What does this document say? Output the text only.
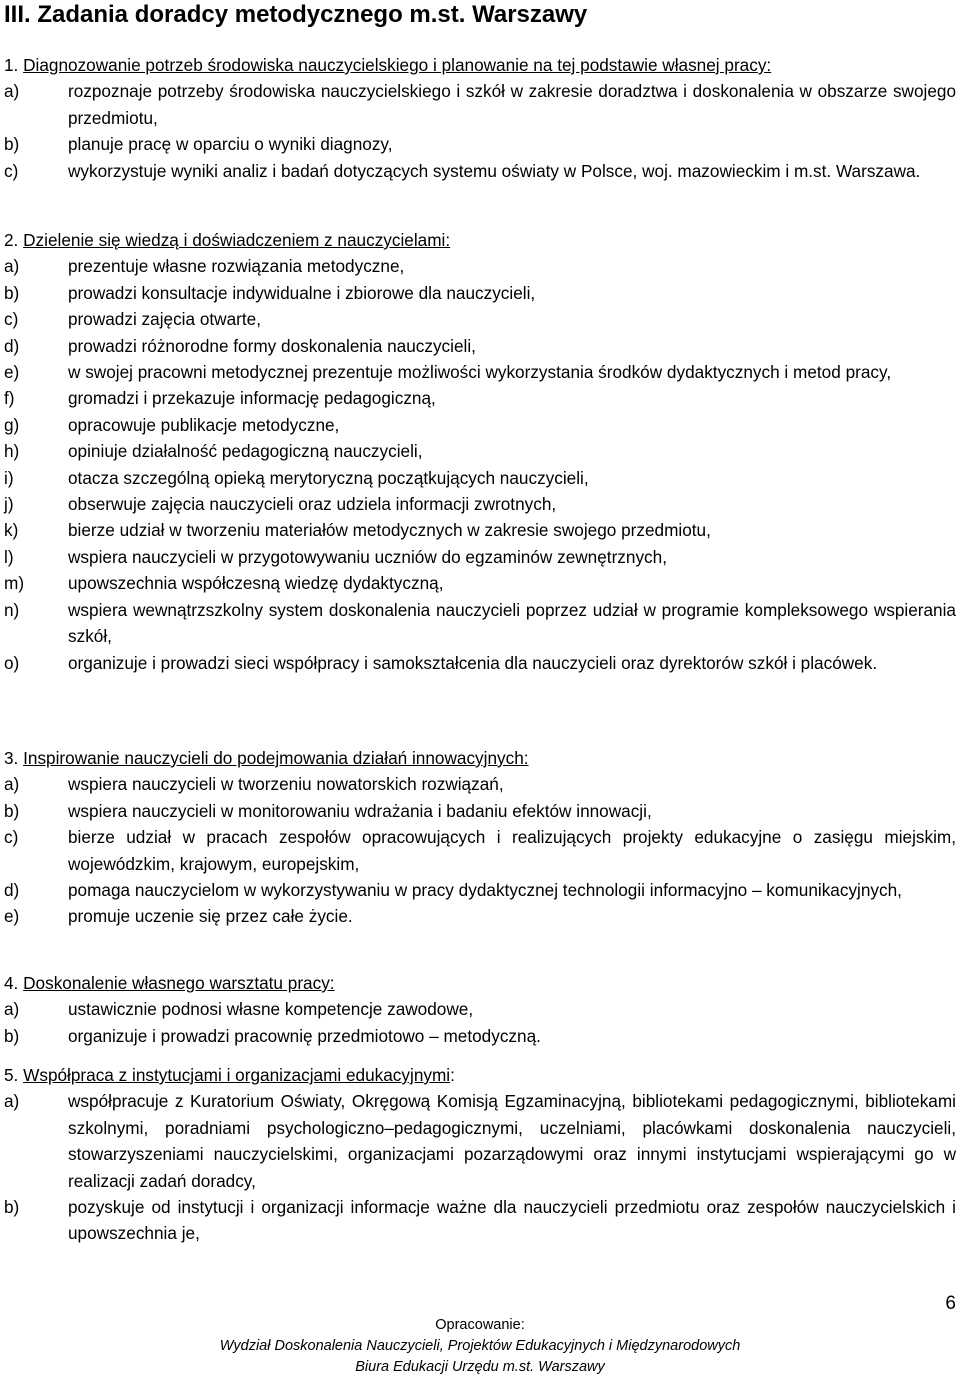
III. Zadania doradcy metodycznego m.st. Warszawy
1. Diagnozowanie potrzeb środowiska nauczycielskiego i planowanie na tej podstawie własnej pracy:
a)	rozpoznaje potrzeby środowiska nauczycielskiego i szkół w zakresie doradztwa i doskonalenia w obszarze swojego przedmiotu,
b)	planuje pracę w oparciu o wyniki diagnozy,
c)	wykorzystuje wyniki analiz i badań dotyczących systemu oświaty w Polsce, woj. mazowieckim i m.st. Warszawa.
2. Dzielenie się wiedzą i doświadczeniem z nauczycielami:
a)	prezentuje własne rozwiązania metodyczne,
b)	prowadzi konsultacje indywidualne i zbiorowe dla nauczycieli,
c)	prowadzi zajęcia otwarte,
d)	prowadzi różnorodne formy doskonalenia nauczycieli,
e)	w swojej pracowni metodycznej prezentuje możliwości wykorzystania środków dydaktycznych i metod pracy,
f)	gromadzi i przekazuje informację pedagogiczną,
g)	opracowuje publikacje metodyczne,
h)	opiniuje działalność pedagogiczną nauczycieli,
i)	otacza szczególną opieką merytoryczną początkujących nauczycieli,
j)	obserwuje zajęcia nauczycieli oraz udziela informacji zwrotnych,
k)	bierze udział w tworzeniu materiałów metodycznych w zakresie swojego przedmiotu,
l)	wspiera nauczycieli w przygotowywaniu uczniów do egzaminów zewnętrznych,
m)	upowszechnia współczesną wiedzę dydaktyczną,
n)	wspiera wewnątrzszkolny system doskonalenia nauczycieli poprzez udział w programie kompleksowego wspierania szkół,
o)	organizuje i prowadzi sieci współpracy i samokształcenia dla nauczycieli oraz dyrektorów szkół i placówek.
3. Inspirowanie nauczycieli do podejmowania działań innowacyjnych:
a)	wspiera nauczycieli w tworzeniu nowatorskich rozwiązań,
b)	wspiera nauczycieli w monitorowaniu wdrażania i badaniu efektów innowacji,
c)	bierze udział w pracach zespołów opracowujących i realizujących projekty edukacyjne o zasięgu miejskim, wojewódzkim, krajowym, europejskim,
d)	pomaga nauczycielom w wykorzystywaniu w pracy dydaktycznej technologii informacyjno – komunikacyjnych,
e)	promuje uczenie się przez całe życie.
4. Doskonalenie własnego warsztatu pracy:
a)	ustawicznie podnosi własne kompetencje zawodowe,
b)	organizuje i prowadzi pracownię przedmiotowo – metodyczną.
5. Współpraca z instytucjami i organizacjami edukacyjnymi:
a)	współpracuje z Kuratorium Oświaty, Okręgową Komisją Egzaminacyjną, bibliotekami pedagogicznymi, bibliotekami szkolnymi, poradniami psychologiczno–pedagogicznymi, uczelniami, placówkami doskonalenia nauczycieli, stowarzyszeniami nauczycielskimi, organizacjami pozarządowymi oraz innymi instytucjami wspierającymi go w realizacji zadań doradcy,
b)	pozyskuje od instytucji i organizacji informacje ważne dla nauczycieli przedmiotu oraz zespołów nauczycielskich i upowszechnia je,
6
Opracowanie:
Wydział Doskonalenia Nauczycieli, Projektów Edukacyjnych i Międzynarodowych
Biura Edukacji Urzędu m.st. Warszawy
